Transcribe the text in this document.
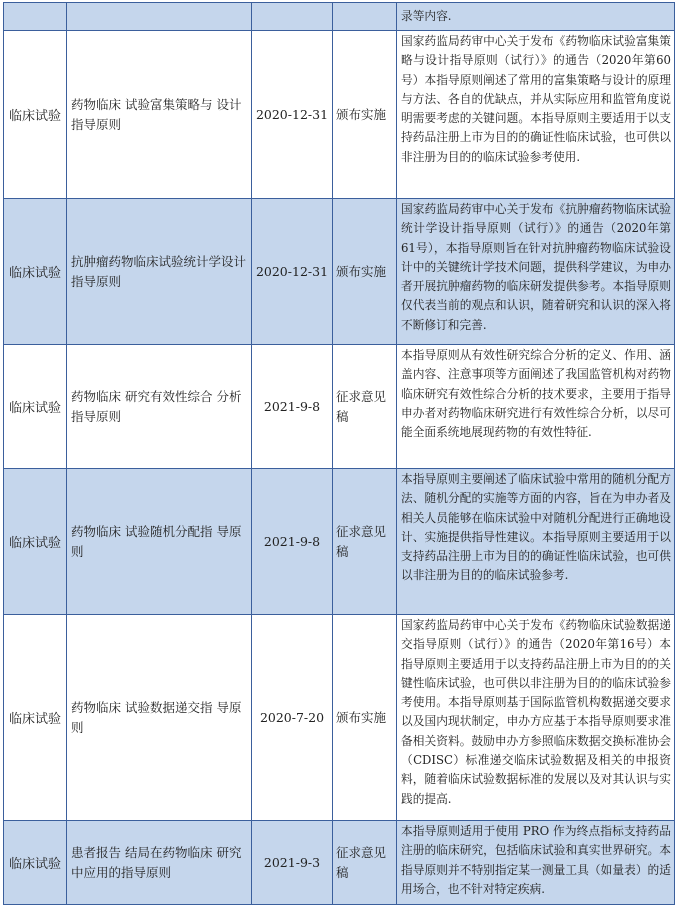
				录等内容.
临床试验	药物临床 试验富集策略与 设计指导原则	2020-12-31	颁布实施	国家药监局药审中心关于发布《药物临床试验富集策略与设计指导原则（试行）》的通告（2020年第60号）本指导原则阐述了常用的富集策略与设计的原理与方法、各自的优缺点，并从实际应用和监管角度说明需要考虑的关键问题。本指导原则主要适用于以支持药品注册上市为目的的确证性临床试验，也可供以非注册为目的的临床试验参考使用.
临床试验	抗肿瘤药物临床试验统计学设计指导原则	2020-12-31	颁布实施	国家药监局药审中心关于发布《抗肿瘤药物临床试验统计学设计指导原则（试行）》的通告（2020年第61号），本指导原则旨在针对抗肿瘤药物临床试验设计中的关键统计学技术问题，提供科学建议，为申办者开展抗肿瘤药物的临床研发提供参考。本指导原则仅代表当前的观点和认识，随着研究和认识的深入将不断修订和完善.
临床试验	药物临床 研究有效性综合 分析指导原则	2021-9-8	征求意见稿	本指导原则从有效性研究综合分析的定义、作用、涵盖内容、注意事项等方面阐述了我国监管机构对药物临床研究有效性综合分析的技术要求，主要用于指导申办者对药物临床研究进行有效性综合分析，以尽可能全面系统地展现药物的有效性特征.
临床试验	药物临床 试验随机分配指 导原则	2021-9-8	征求意见稿	本指导原则主要阐述了临床试验中常用的随机分配方法、随机分配的实施等方面的内容，旨在为申办者及相关人员能够在临床试验中对随机分配进行正确地设计、实施提供指导性建议。本指导原则主要适用于以支持药品注册上市为目的的确证性临床试验，也可供以非注册为目的的临床试验参考.
临床试验	药物临床 试验数据递交指 导原则	2020-7-20	颁布实施	国家药监局药审中心关于发布《药物临床试验数据递交指导原则（试行）》的通告（2020年第16号）本指导原则主要适用于以支持药品注册上市为目的的关键性临床试验，也可供以非注册为目的的临床试验参考使用。本指导原则基于国际监管机构数据递交要求以及国内现状制定，申办方应基于本指导原则要求准备相关资料。鼓励申办方参照临床数据交换标准协会（CDISC）标准递交临床试验数据及相关的申报资料，随着临床试验数据标准的发展以及对其认识与实践的提高.
临床试验	患者报告 结局在药物临床 研究中应用的指导原则	2021-9-3	征求意见稿	本指导原则适用于使用 PRO 作为终点指标支持药品注册的临床研究，包括临床试验和真实世界研究。本指导原则并不特别指定某一测量工具（如量表）的适用场合，也不针对特定疾病.
